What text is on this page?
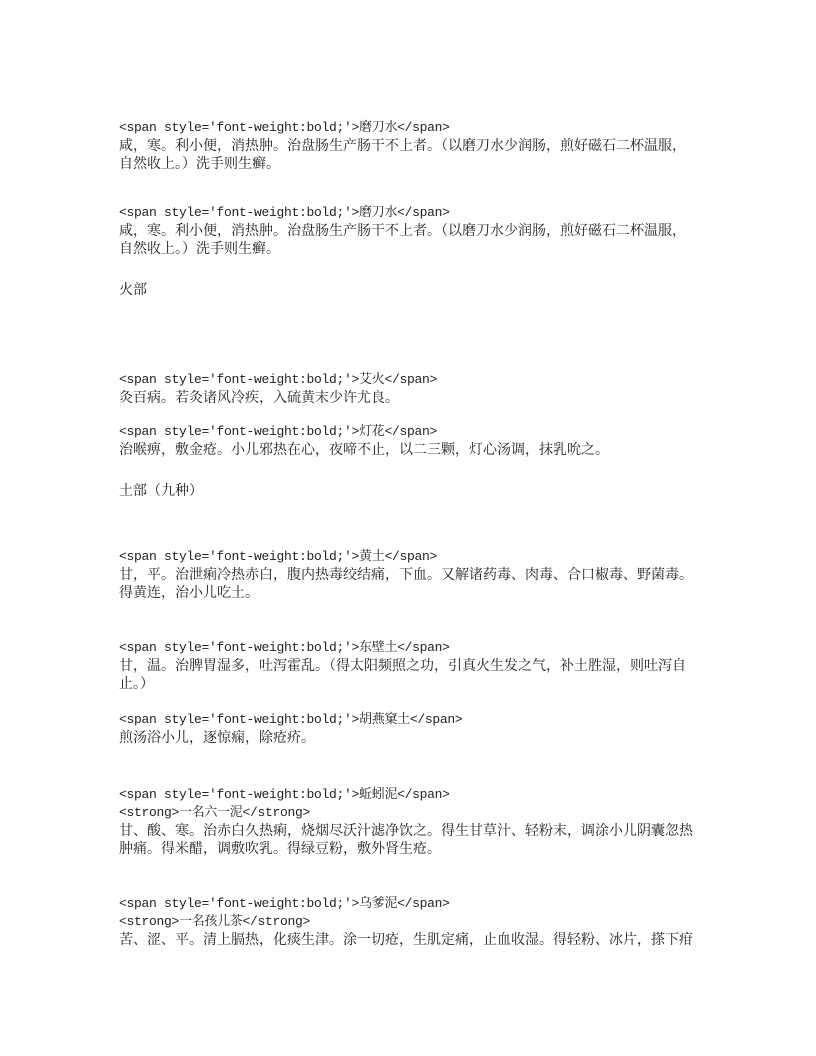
<span style='font-weight:bold;'>磨刀水</span>
咸，寒。利小便，消热肿。治盘肠生产肠干不上者。（以磨刀水少润肠，煎好磁石二杯温服，自然收上。）洗手则生癣。
<span style='font-weight:bold;'>磨刀水</span>
咸，寒。利小便，消热肿。治盘肠生产肠干不上者。（以磨刀水少润肠，煎好磁石二杯温服，自然收上。）洗手则生癣。
火部
<span style='font-weight:bold;'>艾火</span>
灸百病。若灸诸风冷疾，入硫黄末少许尤良。
<span style='font-weight:bold;'>灯花</span>
治喉痹，敷金疮。小儿邪热在心，夜啼不止，以二三颗，灯心汤调，抹乳吮之。
土部（九种）
<span style='font-weight:bold;'>黄土</span>
甘，平。治泄痢冷热赤白，腹内热毒绞结痛，下血。又解诸药毒、肉毒、合口椒毒、野菌毒。得黄连，治小儿吃土。
<span style='font-weight:bold;'>东壁土</span>
甘，温。治脾胃湿多，吐泻霍乱。（得太阳频照之功，引真火生发之气，补土胜湿，则吐泻自止。）
<span style='font-weight:bold;'>胡燕窠土</span>
煎汤浴小儿，逐惊痫，除疮疥。
<span style='font-weight:bold;'>蚯蚓泥</span>
<strong>一名六一泥</strong>
甘、酸、寒。治赤白久热痢，烧烟尽沃汁滤净饮之。得生甘草汁、轻粉末，调涂小儿阴囊忽热肿痛。得米醋，调敷吹乳。得绿豆粉，敷外肾生疮。
<span style='font-weight:bold;'>乌爹泥</span>
<strong>一名孩儿茶</strong>
苦、涩、平。清上膈热，化痰生津。涂一切疮，生肌定痛，止血收湿。得轻粉、冰片，搽下疳
